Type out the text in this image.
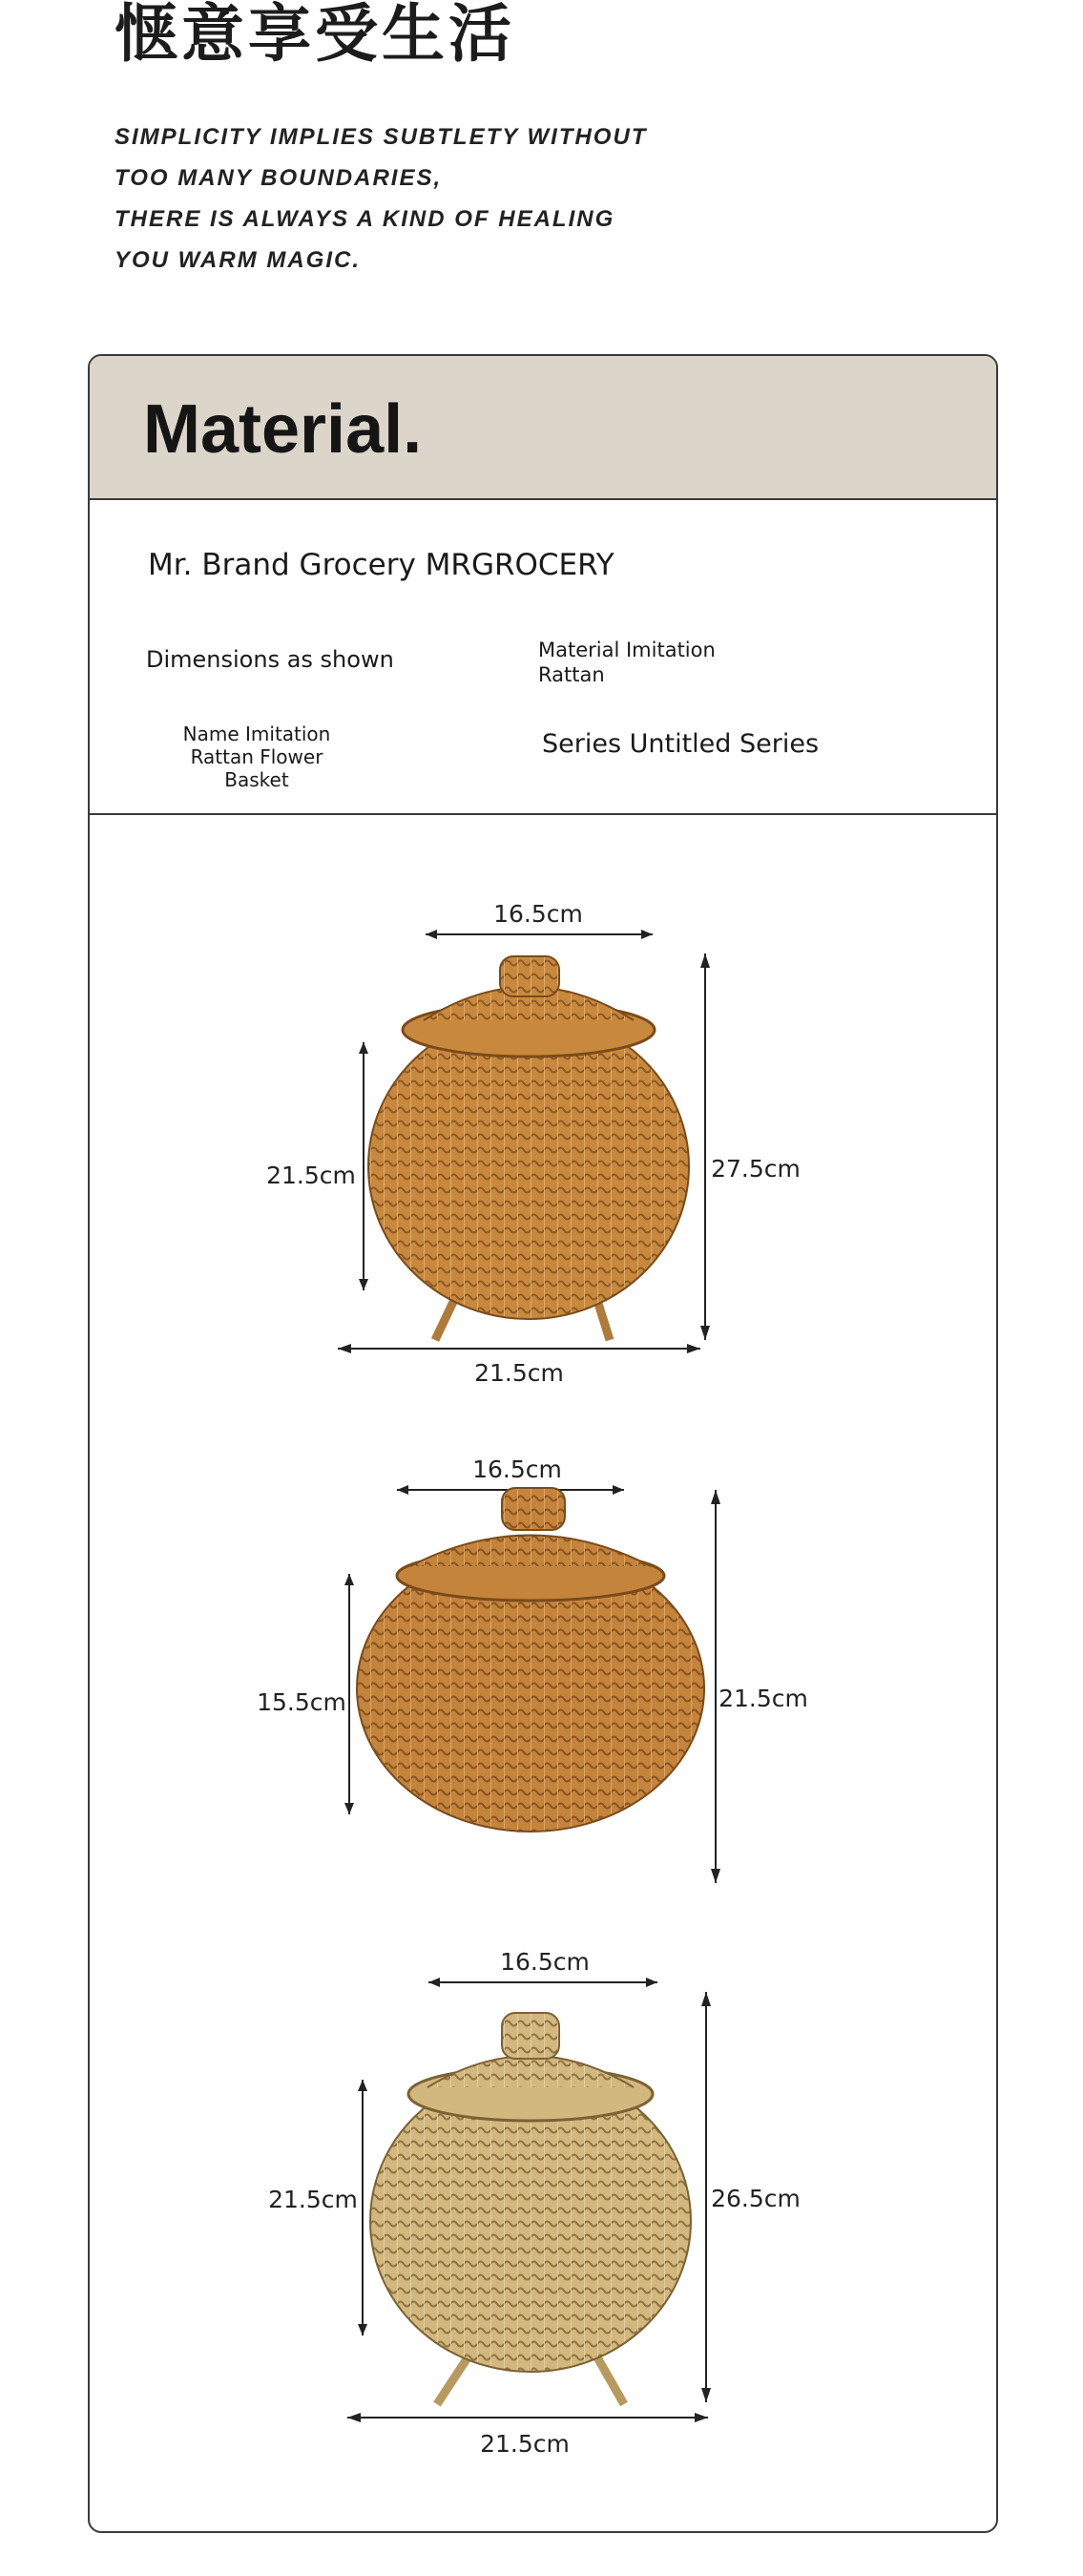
惬意享受生活
SIMPLICITY IMPLIES SUBTLETY WITHOUT
TOO MANY BOUNDARIES,
THERE IS ALWAYS A KIND OF HEALING
YOU WARM MAGIC.
Material.
Mr. Brand Grocery MRGROCERY
Dimensions as shown	Material Imitation Rattan
Name Imitation Rattan Flower Basket
Series Untitled Series
16.5cm
21.5cm	27.5cm
21.5cm
16.5cm
15.5cm	21.5cm
16.5cm
21.5cm	26.5cm
21.5cm
